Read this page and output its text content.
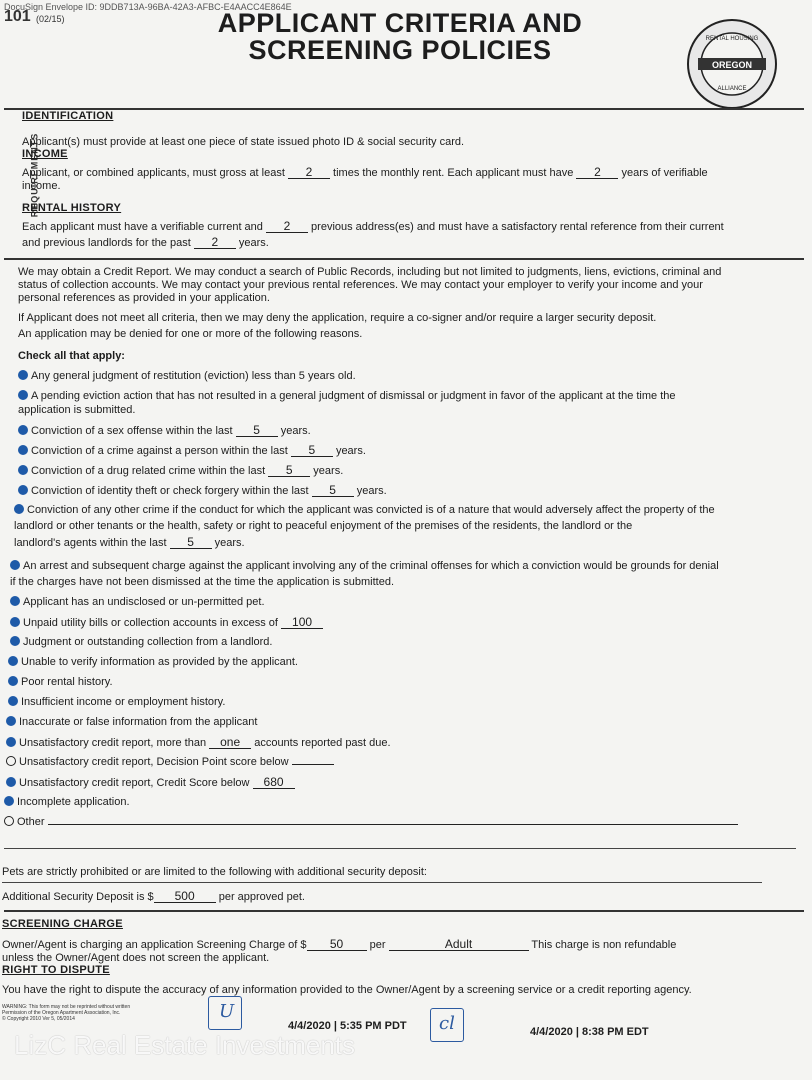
DocuSign Envelope ID: 9DDB713A-96BA-42A3-AFBC-E4AACC4E864E
101 (02/15)	APPLICANT CRITERIA AND
SCREENING POLICIES	OREGON
RENTAL HOUSING
ALLIANCE
REQUIREMENTS
IDENTIFICATION
Applicant(s) must provide at least one piece of state issued photo ID & social security card.
INCOME
Applicant, or combined applicants, must gross at least 2 times the monthly rent. Each applicant must have 2 years of verifiable
income.
RENTAL HISTORY
Each applicant must have a verifiable current and 2 previous address(es) and must have a satisfactory rental reference from their current
and previous landlords for the past 2 years.
We may obtain a Credit Report. We may conduct a search of Public Records, including but not limited to judgments, liens, evictions, criminal and
status of collection accounts. We may contact your previous rental references. We may contact your employer to verify your income and your
personal references as provided in your application.
If Applicant does not meet all criteria, then we may deny the application, require a co-signer and/or require a larger security deposit.
An application may be denied for one or more of the following reasons.
Check all that apply:
Any general judgment of restitution (eviction) less than 5 years old.
A pending eviction action that has not resulted in a general judgment of dismissal or judgment in favor of the applicant at the time the
application is submitted.
Conviction of a sex offense within the last 5 years.
Conviction of a crime against a person within the last 5 years.
Conviction of a drug related crime within the last 5 years.
Conviction of identity theft or check forgery within the last 5 years.
Conviction of any other crime if the conduct for which the applicant was convicted is of a nature that would adversely affect the property of the
landlord or other tenants or the health, safety or right to peaceful enjoyment of the premises of the residents, the landlord or the
landlord's agents within the last 5 years.
An arrest and subsequent charge against the applicant involving any of the criminal offenses for which a conviction would be grounds for denial
if the charges have not been dismissed at the time the application is submitted.
Applicant has an undisclosed or un-permitted pet.
Unpaid utility bills or collection accounts in excess of 100
Judgment or outstanding collection from a landlord.
Unable to verify information as provided by the applicant.
Poor rental history.
Insufficient income or employment history.
Inaccurate or false information from the applicant
Unsatisfactory credit report, more than one accounts reported past due.
Unsatisfactory credit report, Decision Point score below
Unsatisfactory credit report, Credit Score below 680
Incomplete application.
Other
Pets are strictly prohibited or are limited to the following with additional security deposit:
Additional Security Deposit is $ 500 per approved pet.
SCREENING CHARGE
Owner/Agent is charging an application Screening Charge of $ 50 per	Adult	This charge is non refundable
unless the Owner/Agent does not screen the applicant.
RIGHT TO DISPUTE
You have the right to dispute the accuracy of any information provided to the Owner/Agent by a screening service or a credit reporting agency.
WARNING: This form may not be reprinted without written
Permission of the Oregon Apartment Association, Inc.
© Copyright 2010 Ver 5, 05/2014	U
4/4/2020 | 5:35 PM PDT cl	4/4/2020 | 8:38 PM EDT
LizC Real Estate Investments
